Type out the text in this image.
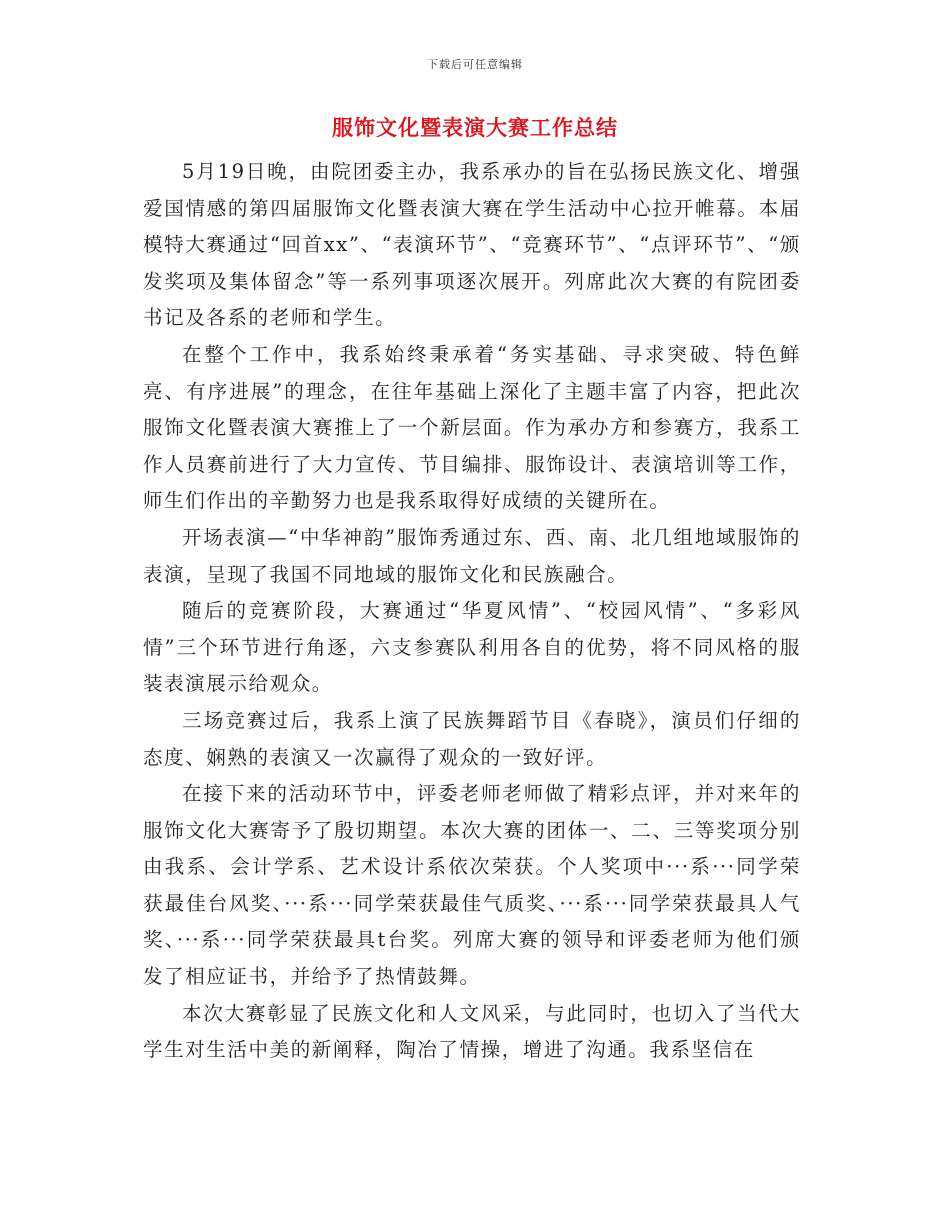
下载后可任意编辑
服饰文化暨表演大赛工作总结

5月19日晚，由院团委主办，我系承办的旨在弘扬民族文化、增强爱国情感的第四届服饰文化暨表演大赛在学生活动中心拉开帷幕。本届模特大赛通过“回首xx”、“表演环节”、“竞赛环节”、“点评环节”、“颁发奖项及集体留念”等一系列事项逐次展开。列席此次大赛的有院团委书记及各系的老师和学生。

在整个工作中，我系始终秉承着“务实基础、寻求突破、特色鲜亮、有序进展”的理念，在往年基础上深化了主题丰富了内容，把此次服饰文化暨表演大赛推上了一个新层面。作为承办方和参赛方，我系工作人员赛前进行了大力宣传、节目编排、服饰设计、表演培训等工作，师生们作出的辛勤努力也是我系取得好成绩的关键所在。

开场表演—“中华神韵”服饰秀通过东、西、南、北几组地域服饰的表演，呈现了我国不同地域的服饰文化和民族融合。

随后的竞赛阶段，大赛通过“华夏风情”、“校园风情”、“多彩风情”三个环节进行角逐，六支参赛队利用各自的优势，将不同风格的服装表演展示给观众。

三场竞赛过后，我系上演了民族舞蹈节目《春晓》，演员们仔细的态度、娴熟的表演又一次赢得了观众的一致好评。

在接下来的活动环节中，评委老师老师做了精彩点评，并对来年的服饰文化大赛寄予了殷切期望。本次大赛的团体一、二、三等奖项分别由我系、会计学系、艺术设计系依次荣获。个人奖项中···系···同学荣获最佳台风奖、···系···同学荣获最佳气质奖、···系···同学荣获最具人气奖、···系···同学荣获最具t台奖。列席大赛的领导和评委老师为他们颁发了相应证书，并给予了热情鼓舞。

本次大赛彰显了民族文化和人文风采，与此同时，也切入了当代大学生对生活中美的新阐释，陶冶了情操，增进了沟通。我系坚信在
